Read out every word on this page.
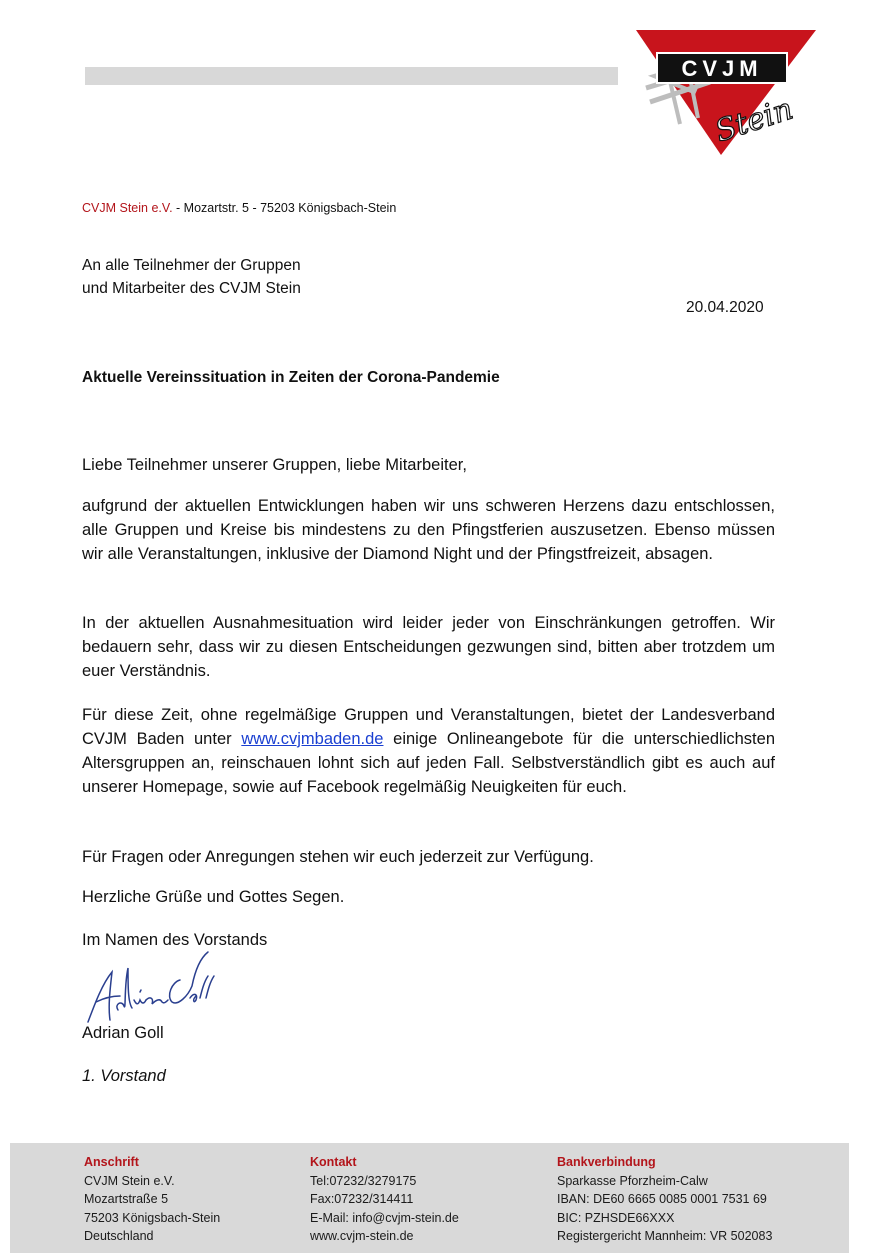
CVJM
Stein
CVJM Stein e.V. - Mozartstr. 5 - 75203 Königsbach-Stein
An alle Teilnehmer der Gruppen
und Mitarbeiter des CVJM Stein
20.04.2020
Aktuelle Vereinssituation in Zeiten der Corona-Pandemie

Liebe Teilnehmer unserer Gruppen, liebe Mitarbeiter,

aufgrund der aktuellen Entwicklungen haben wir uns schweren Herzens dazu entschlossen, alle Gruppen und Kreise bis mindestens zu den Pfingstferien auszusetzen. Ebenso müssen wir alle Veranstaltungen, inklusive der Diamond Night und der Pfingstfreizeit, absagen.

In der aktuellen Ausnahmesituation wird leider jeder von Einschränkungen getroffen. Wir bedauern sehr, dass wir zu diesen Entscheidungen gezwungen sind, bitten aber trotzdem um euer Verständnis.

Für diese Zeit, ohne regelmäßige Gruppen und Veranstaltungen, bietet der Landesverband CVJM Baden unter www.cvjmbaden.de einige Onlineangebote für die unterschiedlichsten Altersgruppen an, reinschauen lohnt sich auf jeden Fall. Selbstverständlich gibt es auch auf unserer Homepage, sowie auf Facebook regelmäßig Neuigkeiten für euch.

Für Fragen oder Anregungen stehen wir euch jederzeit zur Verfügung.

Herzliche Grüße und Gottes Segen.

Im Namen des Vorstands

Adrian Goll
1. Vorstand
Anschrift
CVJM Stein e.V.
Mozartstraße 5
75203 Königsbach-Stein
Deutschland
Kontakt
Tel:07232/3279175
Fax:07232/314411
E-Mail: info@cvjm-stein.de
www.cvjm-stein.de
Bankverbindung
Sparkasse Pforzheim-Calw
IBAN: DE60 6665 0085 0001 7531 69
BIC: PZHSDE66XXX
Registergericht Mannheim: VR 502083
